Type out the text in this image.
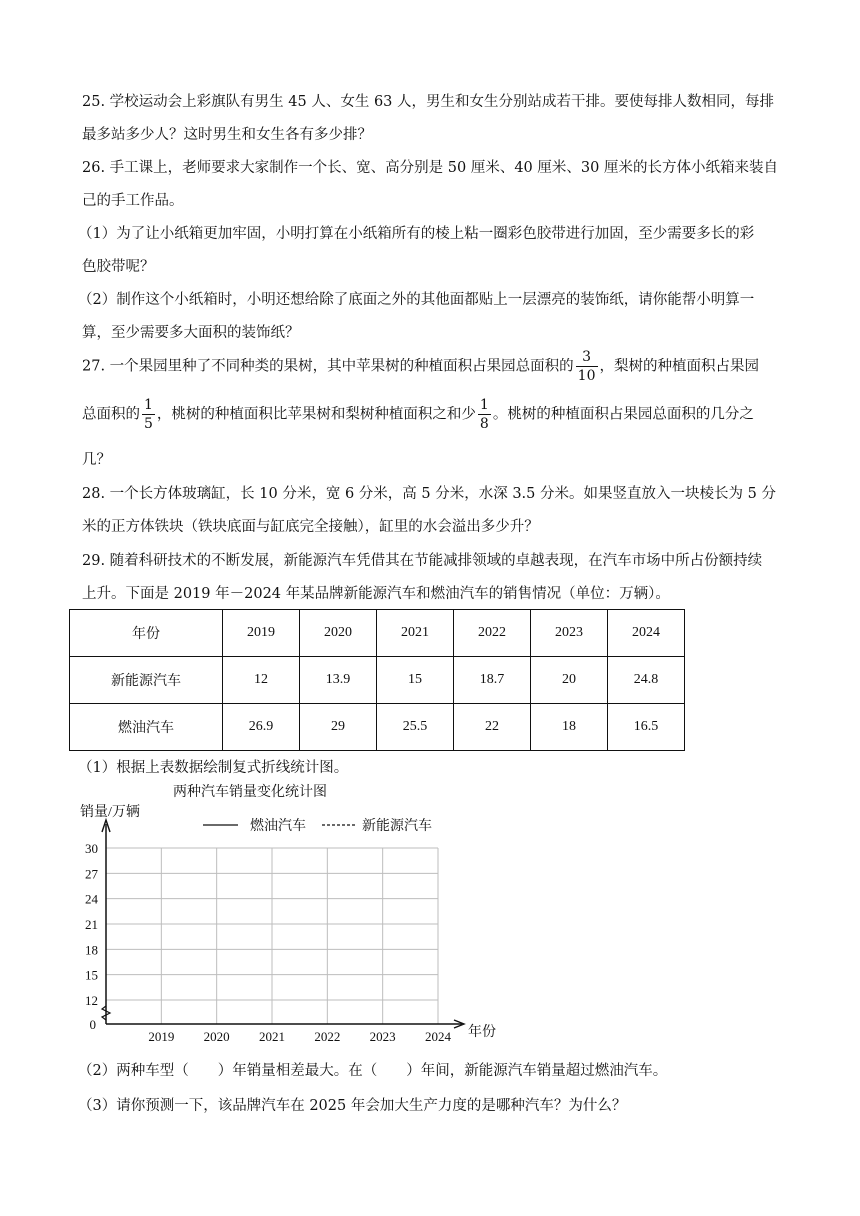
25. 学校运动会上彩旗队有男生 45 人、女生 63 人，男生和女生分别站成若干排。要使每排人数相同，每排
最多站多少人？这时男生和女生各有多少排？
26. 手工课上，老师要求大家制作一个长、宽、高分别是 50 厘米、40 厘米、30 厘米的长方体小纸箱来装自
己的手工作品。
（1）为了让小纸箱更加牢固，小明打算在小纸箱所有的棱上粘一圈彩色胶带进行加固，至少需要多长的彩
色胶带呢？
（2）制作这个小纸箱时，小明还想给除了底面之外的其他面都贴上一层漂亮的装饰纸，请你能帮小明算一
算，至少需要多大面积的装饰纸？
27. 一个果园里种了不同种类的果树，其中苹果树的种植面积占果园总面积的 $\frac{3}{10}$ ，梨树的种植面积占果园
总面积的 $\frac{1}{5}$ ，桃树的种植面积比苹果树和梨树种植面积之和少 $\frac{1}{8}$ 。桃树的种植面积占果园总面积的几分之
几？
28. 一个长方体玻璃缸，长 10 分米，宽 6 分米，高 5 分米，水深 3.5 分米。如果竖直放入一块棱长为 5 分
米的正方体铁块（铁块底面与缸底完全接触），缸里的水会溢出多少升？
29. 随着科研技术的不断发展，新能源汽车凭借其在节能减排领域的卓越表现，在汽车市场中所占份额持续
上升。下面是 2019 年－2024 年某品牌新能源汽车和燃油汽车的销售情况（单位：万辆）。
年份	2019	2020	2021	2022	2023	2024
新能源汽车	12	13.9	15	18.7	20	24.8
燃油汽车	26.9	29	25.5	22	18	16.5
（1）根据上表数据绘制复式折线统计图。
两种汽车销量变化统计图
销量/万辆
燃油汽车	新能源汽车
年份
0
12
15
18
21
24
27
30
2019 2020 2021 2022 2023 2024
（2）两种车型（　　）年销量相差最大。在（　　）年间，新能源汽车销量超过燃油汽车。
（3）请你预测一下，该品牌汽车在 2025 年会加大生产力度的是哪种汽车？为什么？
